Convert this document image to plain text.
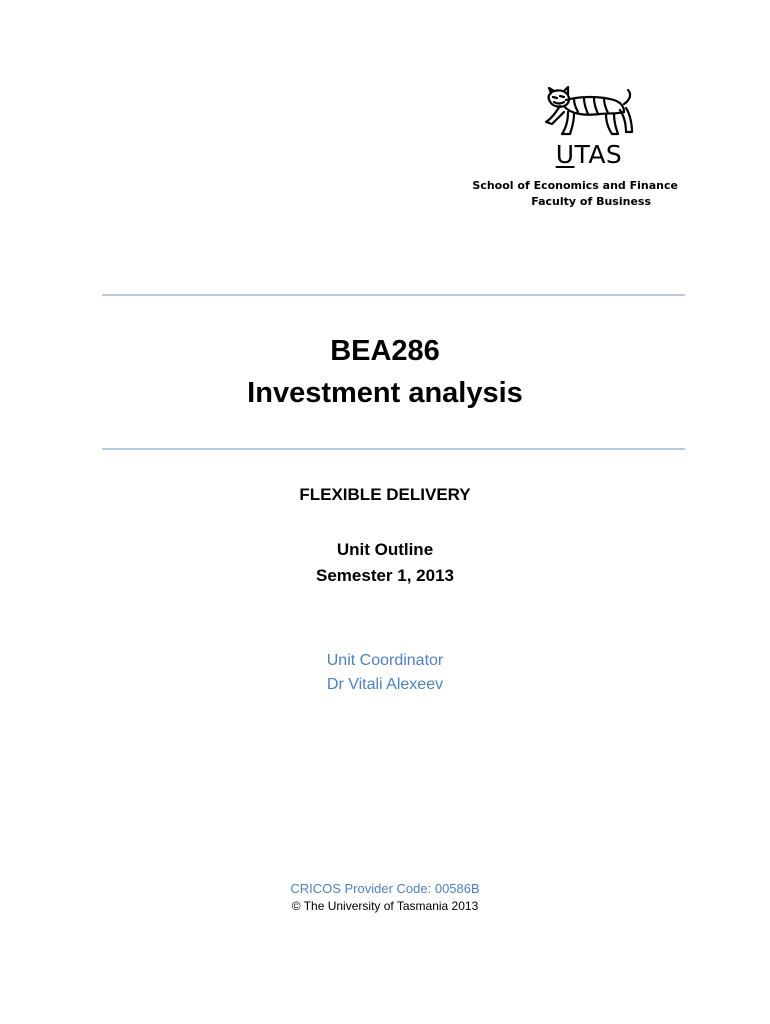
UTAS
School of Economics and Finance
Faculty of Business
BEA286
Investment analysis
FLEXIBLE DELIVERY
Unit Outline
Semester 1, 2013
Unit Coordinator
Dr Vitali Alexeev
CRICOS Provider Code: 00586B
© The University of Tasmania 2013
